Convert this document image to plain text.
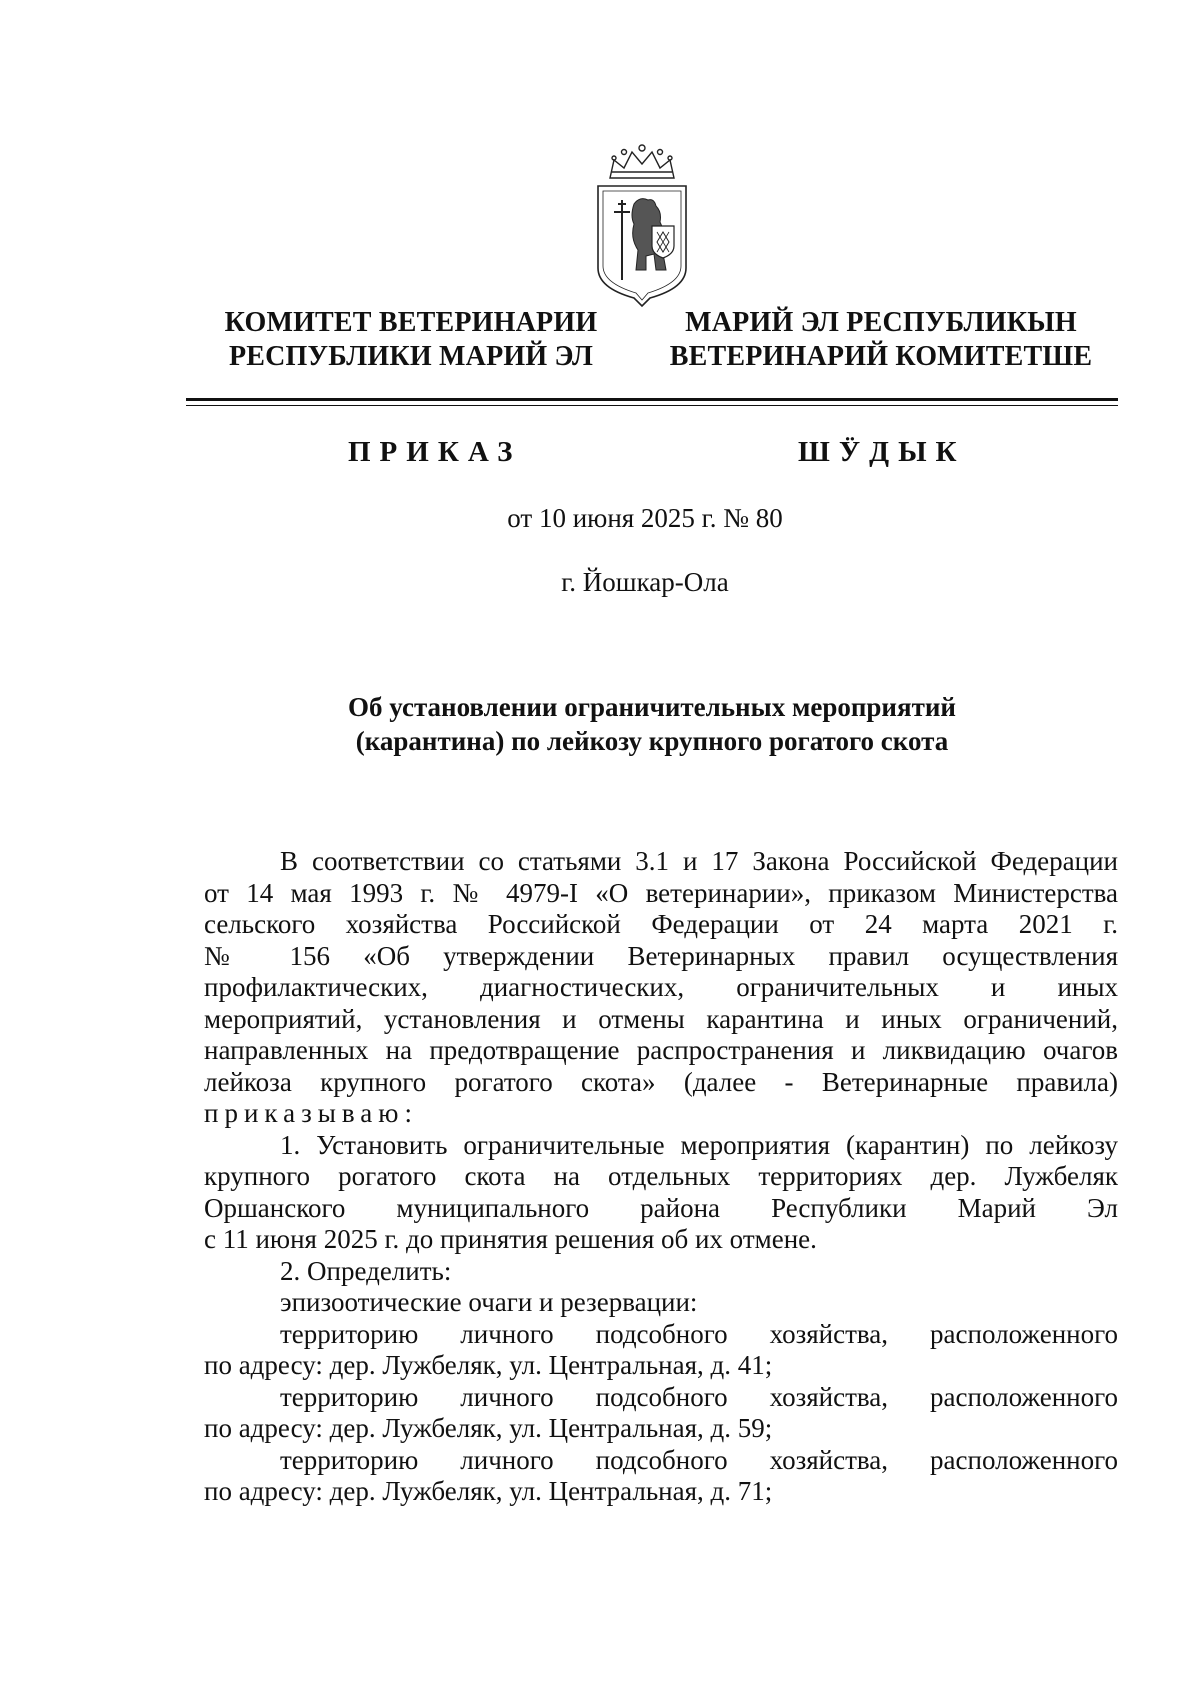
КОМИТЕТ ВЕТЕРИНАРИИ
РЕСПУБЛИКИ МАРИЙ ЭЛ
МАРИЙ ЭЛ РЕСПУБЛИКЫН
ВЕТЕРИНАРИЙ КОМИТЕТШЕ
ПРИКАЗ	ШӰДЫК
от 10 июня 2025 г. № 80
г. Йошкар-Ола
Об установлении ограничительных мероприятий
(карантина) по лейкозу крупного рогатого скота
В соответствии со статьями 3.1 и 17 Закона Российской Федерации
от 14 мая 1993 г. № 4979-I «О ветеринарии», приказом Министерства
сельского хозяйства Российской Федерации от 24 марта 2021 г.
№ 156 «Об утверждении Ветеринарных правил осуществления
профилактических, диагностических, ограничительных и иных
мероприятий, установления и отмены карантина и иных ограничений,
направленных на предотвращение распространения и ликвидацию очагов
лейкоза крупного рогатого скота» (далее - Ветеринарные правила)
приказываю:
1. Установить ограничительные мероприятия (карантин) по лейкозу
крупного рогатого скота на отдельных территориях дер. Лужбеляк
Оршанского муниципального района Республики Марий Эл
с 11 июня 2025 г. до принятия решения об их отмене.
2. Определить:
эпизоотические очаги и резервации:
территорию личного подсобного хозяйства, расположенного
по адресу: дер. Лужбеляк, ул. Центральная, д. 41;
территорию личного подсобного хозяйства, расположенного
по адресу: дер. Лужбеляк, ул. Центральная, д. 59;
территорию личного подсобного хозяйства, расположенного
по адресу: дер. Лужбеляк, ул. Центральная, д. 71;
